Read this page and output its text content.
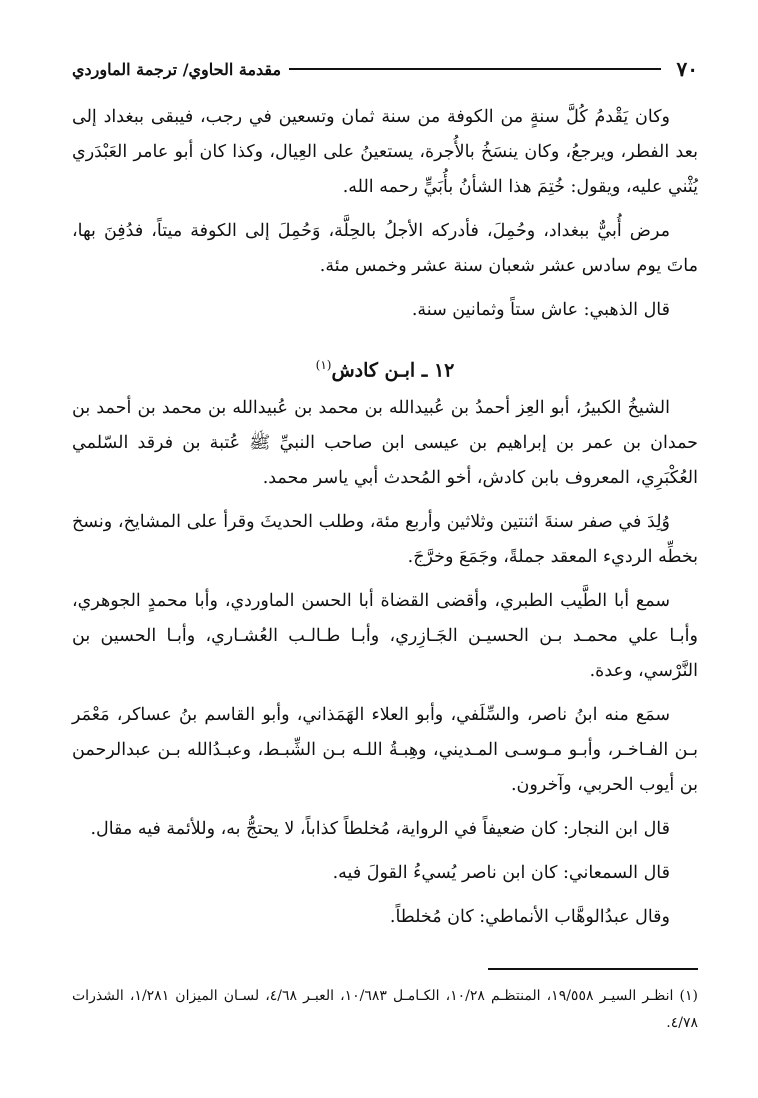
٧٠
مقدمة الحاوي/ ترجمة الماوردي

وكان يَقْدمُ كُلَّ سنةٍ من الكوفة من سنة ثمان وتسعين في رجب، فيبقى ببغداد إلى بعد الفطر، ويرجعُ، وكان ينسَخُ بالأُجرة، يستعينُ على العِيال، وكذا كان أبو عامر العَبْدَري يُثْني عليه، ويقول: خُتِمَ هذا الشأنُ بأُبَيٍّ رحمه الله.

مرض أُبيٌّ ببغداد، وحُمِلَ، فأدركه الأجلُ بالحِلَّة، وَحُمِلَ إلى الكوفة ميتاً، فدُفِنَ بها، ماتَ يوم سادس عشر شعبان سنة عشر وخمس مئة.

قال الذهبي: عاش ستاً وثمانين سنة.

١٢ ـ ابـن كادش$^{(١)}$

الشيخُ الكبيرُ، أبو العِز أحمدُ بن عُبيدالله بن محمد بن عُبيدالله بن محمد بن أحمد بن حمدان بن عمر بن إبراهيم بن عيسى ابن صاحب النبيِّ ﷺ عُتبة بن فرقد السّلمي العُكْبَرِي، المعروف بابن كادش، أخو المُحدث أبي ياسر محمد.

وُلِدَ في صفر سنةَ اثنتين وثلاثين وأربع مئة، وطلب الحديثَ وقرأ على المشايخ، ونسخ بخطِّه الرديء المعقد جملةً، وجَمَعَ وخرَّجَ.

سمع أبا الطَّيب الطبري، وأقضى القضاة أبا الحسن الماوردي، وأبا محمدٍ الجوهري، وأبـا علي محمـد بـن الحسيـن الجَـازِري، وأبـا طـالـب العُشـاري، وأبـا الحسين بن النَّرْسي، وعدة.

سمَع منه ابنُ ناصر، والسِّلَفي، وأبو العلاء الهَمَذاني، وأبو القاسم بنُ عساكر، مَعْمَر بـن الفـاخـر، وأبـو مـوسـى المـديني، وهِبـةُ اللـه بـن الشِّبـط، وعبـدُالله بـن عبدالرحمن بن أيوب الحربي، وآخرون.

قال ابن النجار: كان ضعيفاً في الرواية، مُخلطاً كذاباً، لا يحتجُّ به، وللأئمة فيه مقال.

قال السمعاني: كان ابن ناصر يُسيءُ القولَ فيه.

وقال عبدُالوهَّاب الأنماطي: كان مُخلطاً.

(١) انظـر السيـر ١٩/٥٥٨، المنتظـم ١٠/٢٨، الكـامـل ١٠/٦٨٣، العبـر ٤/٦٨، لسـان الميزان ١/٢٨١، الشذرات ٤/٧٨.
